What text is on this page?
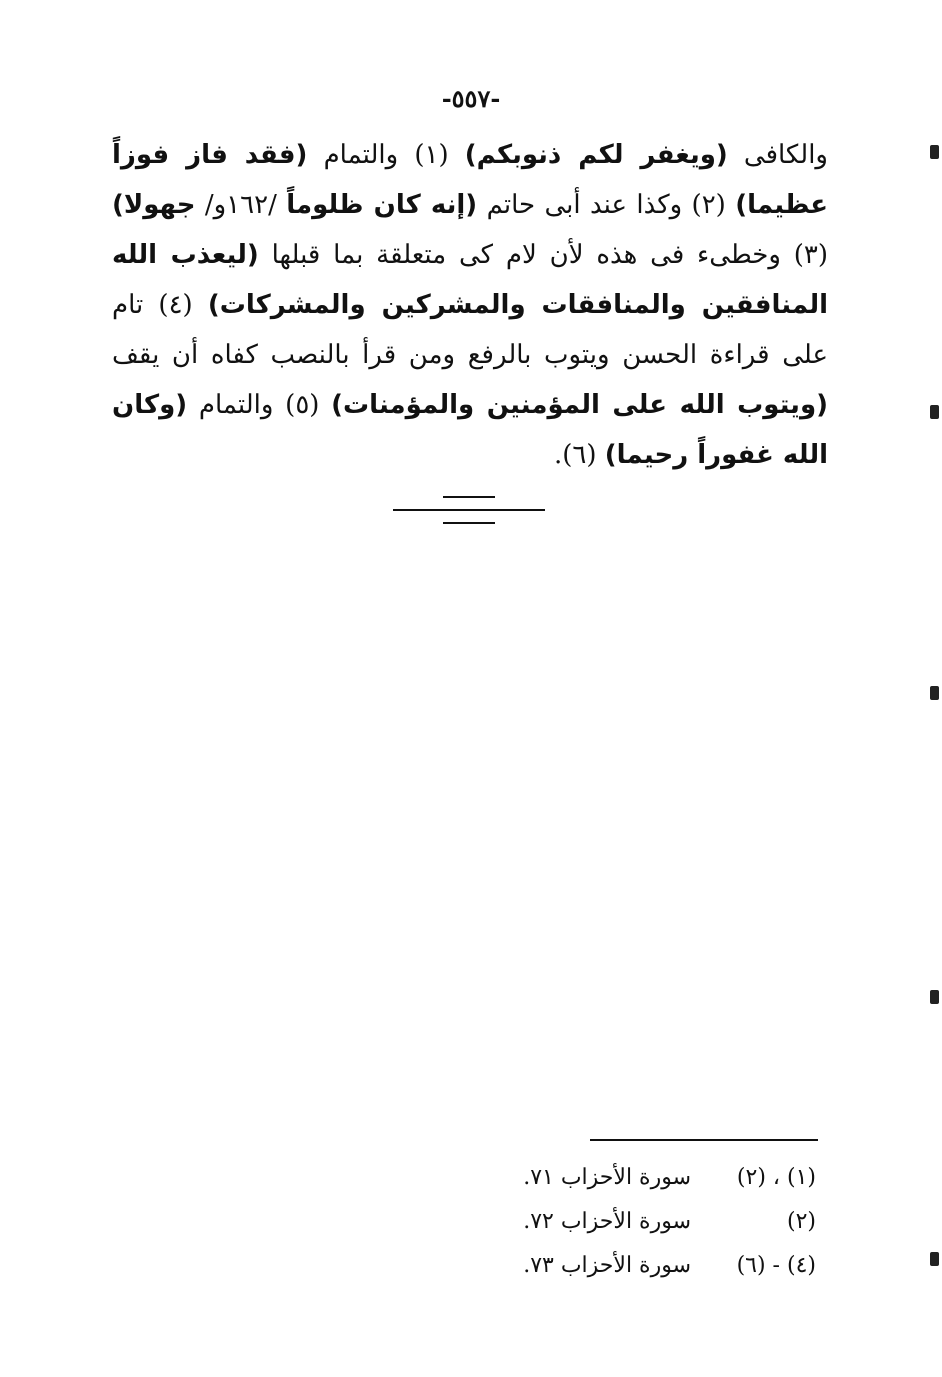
-٥٥٧-
والكافى (ويغفر لكم ذنوبكم) (١) والتمام (فقد فاز فوزاً عظيما) (٢) وكذا عند أبى حاتم (إنه كان ظلوماً /١٦٢و/ جهولا) (٣) وخطىء فى هذه لأن لام كى متعلقة بما قبلها (ليعذب الله المنافقين والمنافقات والمشركين والمشركات) (٤) تام على قراءة الحسن ويتوب بالرفع ومن قرأ بالنصب كفاه أن يقف (ويتوب الله على المؤمنين والمؤمنات) (٥) والتمام (وكان الله غفوراً رحيما) (٦).
(١) ، (٢)
سورة الأحزاب ٧١.
(٢)
سورة الأحزاب ٧٢.
(٤) - (٦)
سورة الأحزاب ٧٣.
